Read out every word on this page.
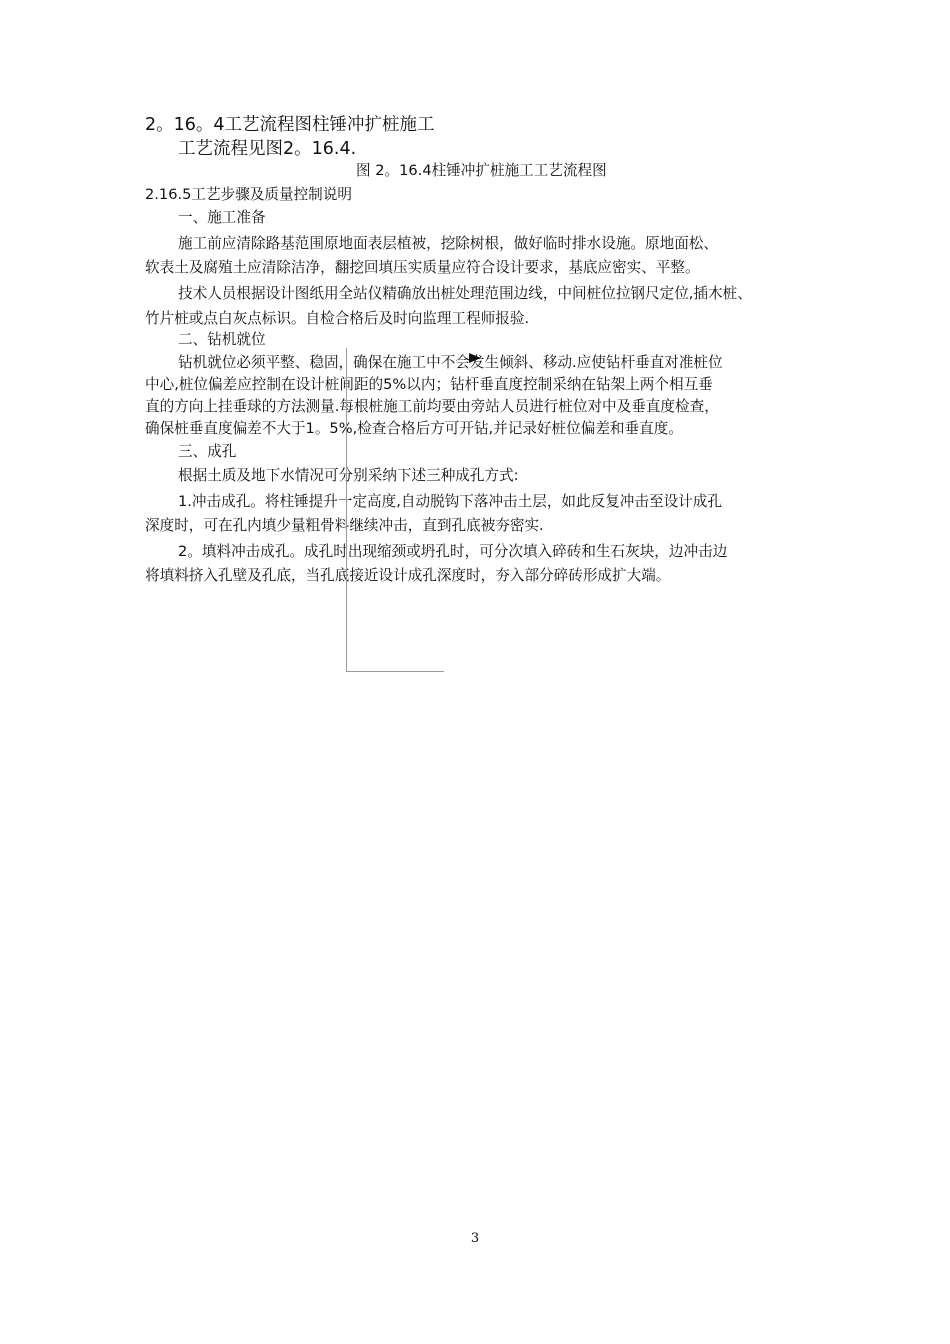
2。16。4工艺流程图柱锤冲扩桩施工
工艺流程见图2。16.4.
图 2。16.4柱锤冲扩桩施工工艺流程图
2.16.5工艺步骤及质量控制说明
一、施工准备
施工前应清除路基范围原地面表层植被，挖除树根，做好临时排水设施。原地面松、
软表土及腐殖土应清除洁净，翻挖回填压实质量应符合设计要求，基底应密实、平整。
技术人员根据设计图纸用全站仪精确放出桩处理范围边线，中间桩位拉钢尺定位,插木桩、
竹片桩或点白灰点标识。自检合格后及时向监理工程师报验.
二、钻机就位
钻机就位必须平整、稳固，确保在施工中不会发生倾斜、移动.应使钻杆垂直对准桩位
中心,桩位偏差应控制在设计桩间距的5%以内；钻杆垂直度控制采纳在钻架上两个相互垂
直的方向上挂垂球的方法测量.每根桩施工前均要由旁站人员进行桩位对中及垂直度检查，
确保桩垂直度偏差不大于1。5%,检查合格后方可开钻,并记录好桩位偏差和垂直度。
三、成孔
根据土质及地下水情况可分别采纳下述三种成孔方式:
1.冲击成孔。将柱锤提升一定高度,自动脱钩下落冲击土层，如此反复冲击至设计成孔
深度时，可在孔内填少量粗骨料继续冲击，直到孔底被夯密实.
2。填料冲击成孔。成孔时出现缩颈或坍孔时，可分次填入碎砖和生石灰块，边冲击边
将填料挤入孔壁及孔底，当孔底接近设计成孔深度时，夯入部分碎砖形成扩大端。
3
